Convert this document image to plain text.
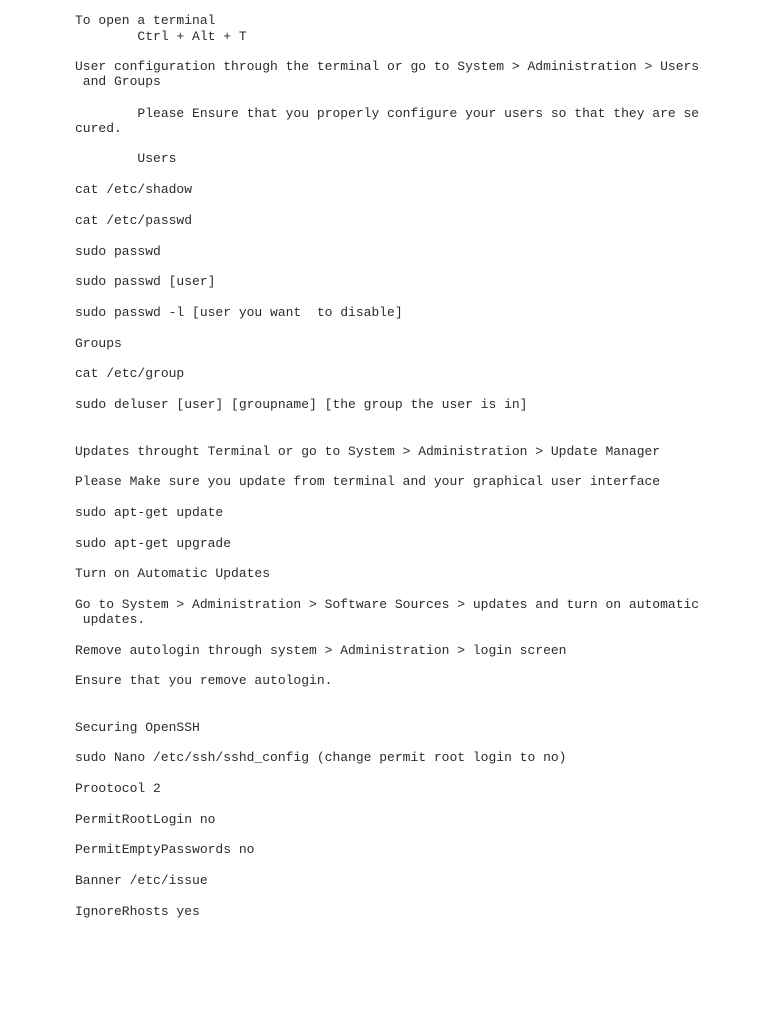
To open a terminal

Ctrl + Alt + T

User configuration through the terminal or go to System > Administration > Users

and Groups

Please Ensure that you properly configure your users so that they are se

cured.

Users

cat /etc/shadow

cat /etc/passwd

sudo passwd

sudo passwd [user]

sudo passwd -l [user you want  to disable]

Groups

cat /etc/group

sudo deluser [user] [groupname] [the group the user is in]

Updates throught Terminal or go to System > Administration > Update Manager

Please Make sure you update from terminal and your graphical user interface

sudo apt-get update

sudo apt-get upgrade

Turn on Automatic Updates

Go to System > Administration > Software Sources > updates and turn on automatic

updates.

Remove autologin through system > Administration > login screen

Ensure that you remove autologin.

Securing OpenSSH

sudo Nano /etc/ssh/sshd_config (change permit root login to no)

Prootocol 2

PermitRootLogin no

PermitEmptyPasswords no

Banner /etc/issue

IgnoreRhosts yes
